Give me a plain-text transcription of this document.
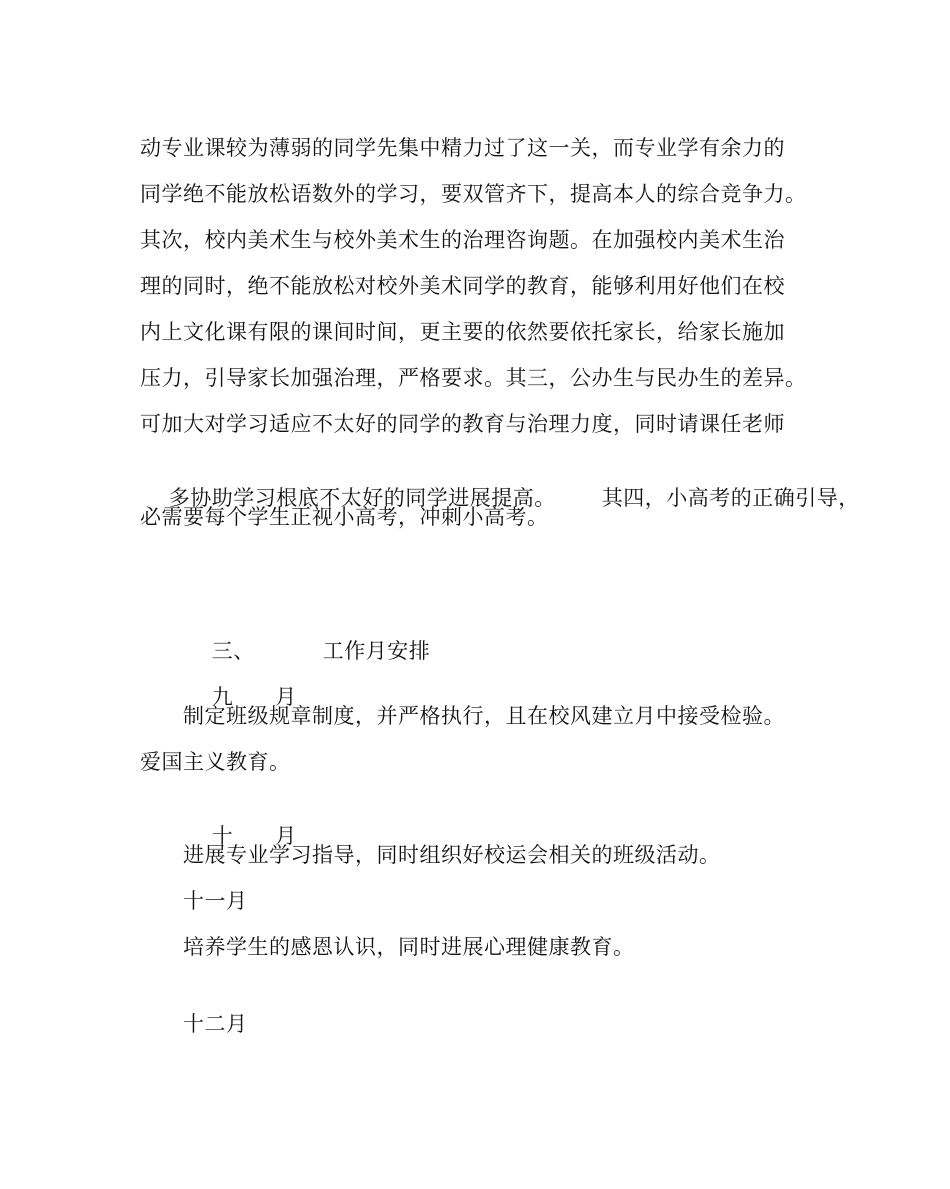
动专业课较为薄弱的同学先集中精力过了这一关，而专业学有余力的
同学绝不能放松语数外的学习，要双管齐下，提高本人的综合竞争力。
其次，校内美术生与校外美术生的治理咨询题。在加强校内美术生治
理的同时，绝不能放松对校外美术同学的教育，能够利用好他们在校
内上文化课有限的课间时间，更主要的依然要依托家长，给家长施加
压力，引导家长加强治理，严格要求。其三，公办生与民办生的差异。
可加大对学习适应不太好的同学的教育与治理力度，同时请课任老师

多协助学习根底不太好的同学进展提高。 其四，小高考的正确引导，

必需要每个学生正视小高考，冲刺小高考。

三、	工作月安排

九 月

制定班级规章制度，并严格执行，且在校风建立月中接受检验。
爱国主义教育。

十 月

进展专业学习指导，同时组织好校运会相关的班级活动。
十一月
培养学生的感恩认识，同时进展心理健康教育。
十二月
